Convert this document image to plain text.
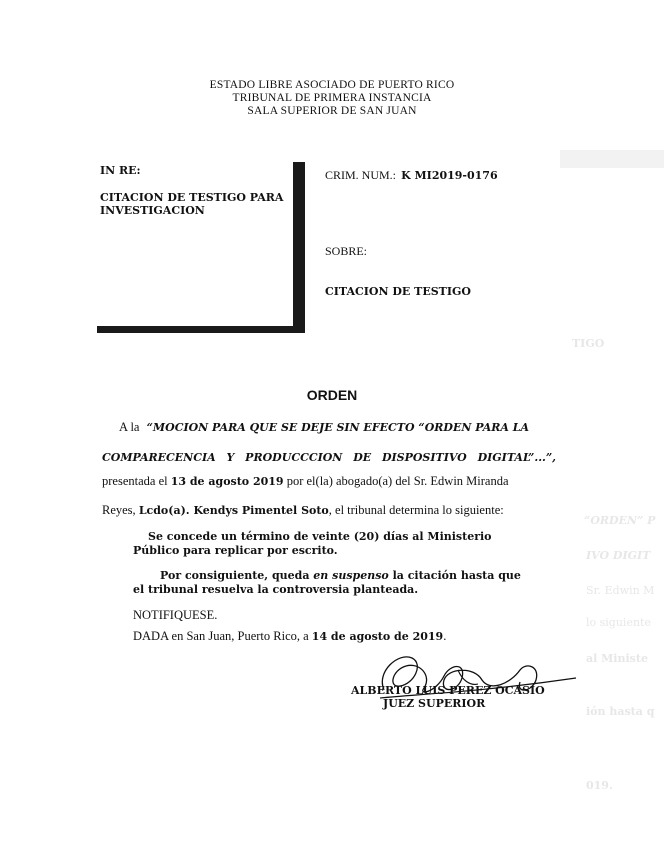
TIGO
“ORDEN” P
IVO DIGIT
Sr. Edwin M
lo siguiente
al Ministe
ión hasta q
019.
ESTADO LIBRE ASOCIADO DE PUERTO RICO
TRIBUNAL DE PRIMERA INSTANCIA
SALA SUPERIOR DE SAN JUAN
IN RE:
CITACION DE TESTIGO PARA
INVESTIGACION
CRIM. NUM.: K MI2019-0176
SOBRE:
CITACION DE TESTIGO
ORDEN
A la “MOCION PARA QUE SE DEJE SIN EFECTO “ORDEN PARA LA
COMPARECENCIA Y PRODUCCCION DE DISPOSITIVO DIGITAL”...”,
presentada el 13 de agosto 2019 por el(la) abogado(a) del Sr. Edwin Miranda
Reyes, Lcdo(a). Kendys Pimentel Soto, el tribunal determina lo siguiente:
Se concede un término de veinte (20) días al Ministerio
Público para replicar por escrito.
Por consiguiente, queda en suspenso la citación hasta que
el tribunal resuelva la controversia planteada.
NOTIFIQUESE.
DADA en San Juan, Puerto Rico, a 14 de agosto de 2019.
ALBERTO LUIS PEREZ OCASIO
JUEZ SUPERIOR
